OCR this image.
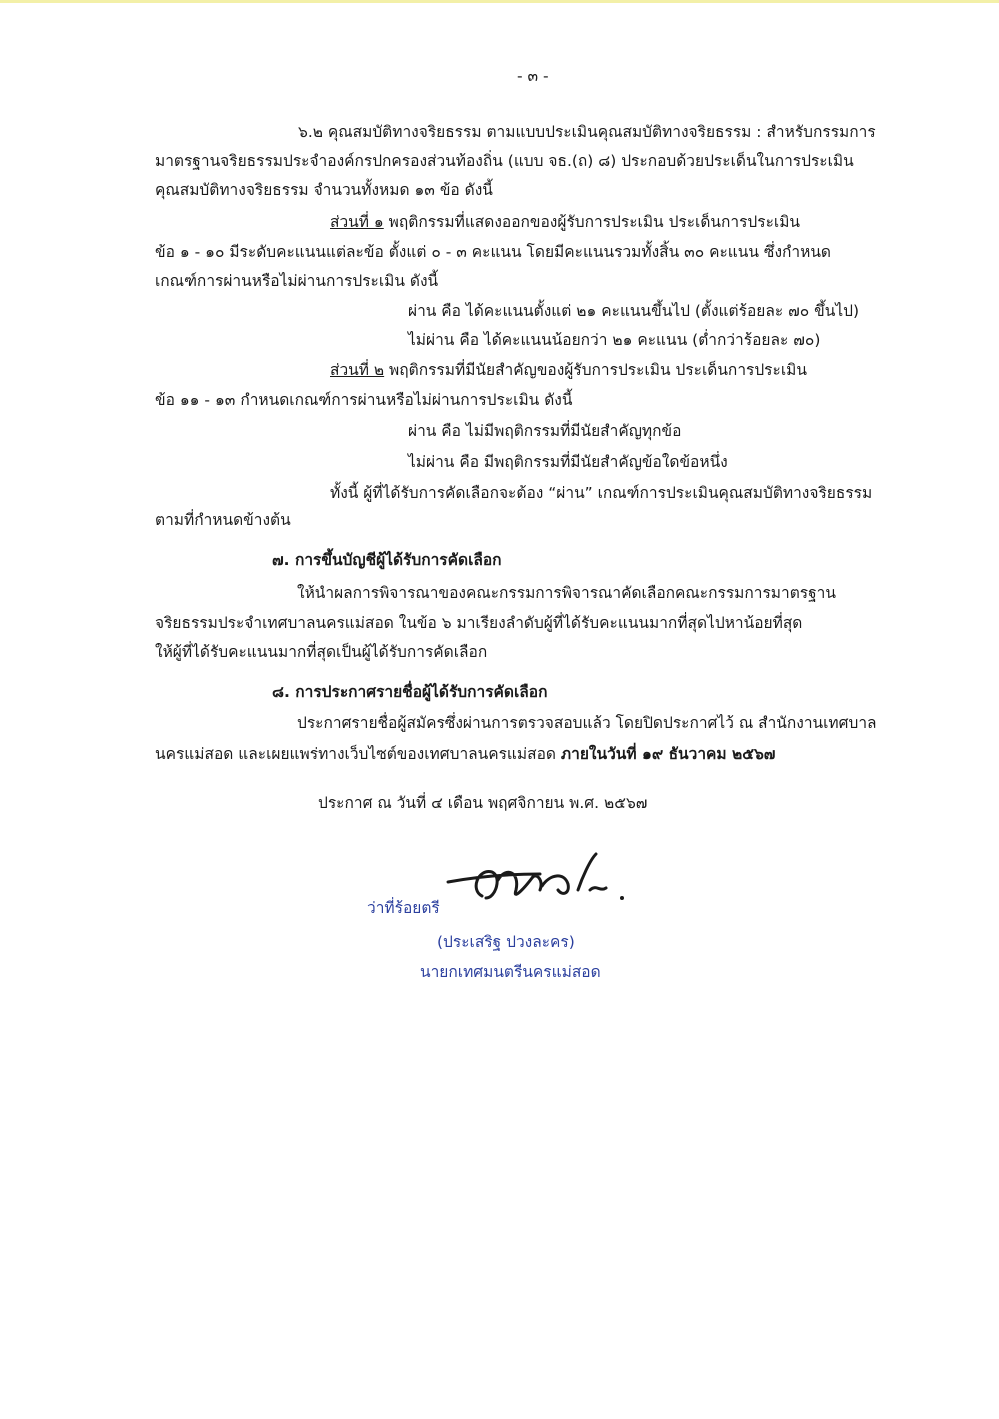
- ๓ -
๖.๒ คุณสมบัติทางจริยธรรม ตามแบบประเมินคุณสมบัติทางจริยธรรม : สำหรับกรรมการ
มาตรฐานจริยธรรมประจำองค์กรปกครองส่วนท้องถิ่น (แบบ จธ.(ถ) ๘) ประกอบด้วยประเด็นในการประเมิน
คุณสมบัติทางจริยธรรม จำนวนทั้งหมด ๑๓ ข้อ ดังนี้
ส่วนที่ ๑ พฤติกรรมที่แสดงออกของผู้รับการประเมิน ประเด็นการประเมิน
ข้อ ๑ - ๑๐ มีระดับคะแนนแต่ละข้อ ตั้งแต่ ๐ - ๓ คะแนน โดยมีคะแนนรวมทั้งสิ้น ๓๐ คะแนน ซึ่งกำหนด
เกณฑ์การผ่านหรือไม่ผ่านการประเมิน ดังนี้
ผ่าน คือ ได้คะแนนตั้งแต่ ๒๑ คะแนนขึ้นไป (ตั้งแต่ร้อยละ ๗๐ ขึ้นไป)
ไม่ผ่าน คือ ได้คะแนนน้อยกว่า ๒๑ คะแนน (ต่ำกว่าร้อยละ ๗๐)
ส่วนที่ ๒ พฤติกรรมที่มีนัยสำคัญของผู้รับการประเมิน ประเด็นการประเมิน
ข้อ ๑๑ - ๑๓ กำหนดเกณฑ์การผ่านหรือไม่ผ่านการประเมิน ดังนี้
ผ่าน คือ ไม่มีพฤติกรรมที่มีนัยสำคัญทุกข้อ
ไม่ผ่าน คือ มีพฤติกรรมที่มีนัยสำคัญข้อใดข้อหนึ่ง
ทั้งนี้ ผู้ที่ได้รับการคัดเลือกจะต้อง “ผ่าน” เกณฑ์การประเมินคุณสมบัติทางจริยธรรม
ตามที่กำหนดข้างต้น
๗. การขึ้นบัญชีผู้ได้รับการคัดเลือก
ให้นำผลการพิจารณาของคณะกรรมการพิจารณาคัดเลือกคณะกรรมการมาตรฐาน
จริยธรรมประจำเทศบาลนครแม่สอด ในข้อ ๖ มาเรียงลำดับผู้ที่ได้รับคะแนนมากที่สุดไปหาน้อยที่สุด
ให้ผู้ที่ได้รับคะแนนมากที่สุดเป็นผู้ได้รับการคัดเลือก
๘. การประกาศรายชื่อผู้ได้รับการคัดเลือก
ประกาศรายชื่อผู้สมัครซึ่งผ่านการตรวจสอบแล้ว โดยปิดประกาศไว้ ณ สำนักงานเทศบาล
นครแม่สอด และเผยแพร่ทางเว็บไซต์ของเทศบาลนครแม่สอด ภายในวันที่ ๑๙ ธันวาคม ๒๕๖๗
ประกาศ ณ วันที่ ๔ เดือน พฤศจิกายน พ.ศ. ๒๕๖๗
ว่าที่ร้อยตรี
(ประเสริฐ ปวงละคร)
นายกเทศมนตรีนครแม่สอด
